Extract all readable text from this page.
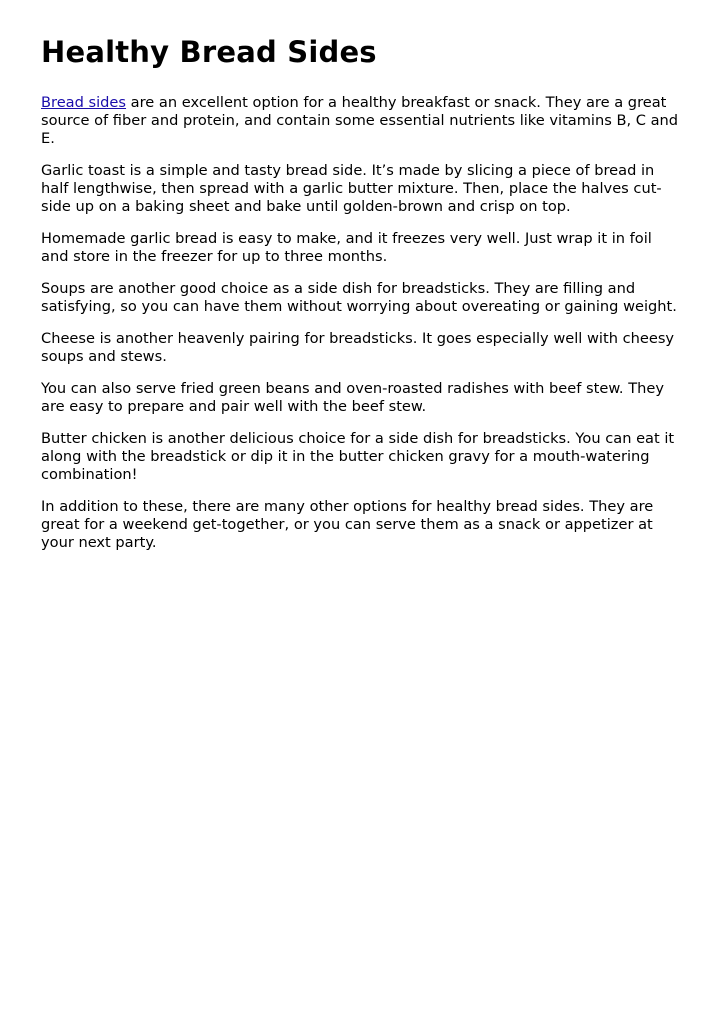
Healthy Bread Sides

Bread sides are an excellent option for a healthy breakfast or snack. They are a great source of fiber and protein, and contain some essential nutrients like vitamins B, C and E.

Garlic toast is a simple and tasty bread side. It’s made by slicing a piece of bread in half lengthwise, then spread with a garlic butter mixture. Then, place the halves cut-side up on a baking sheet and bake until golden-brown and crisp on top.

Homemade garlic bread is easy to make, and it freezes very well. Just wrap it in foil and store in the freezer for up to three months.

Soups are another good choice as a side dish for breadsticks. They are filling and satisfying, so you can have them without worrying about overeating or gaining weight.

Cheese is another heavenly pairing for breadsticks. It goes especially well with cheesy soups and stews.

You can also serve fried green beans and oven-roasted radishes with beef stew. They are easy to prepare and pair well with the beef stew.

Butter chicken is another delicious choice for a side dish for breadsticks. You can eat it along with the breadstick or dip it in the butter chicken gravy for a mouth-watering combination!

In addition to these, there are many other options for healthy bread sides. They are great for a weekend get-together, or you can serve them as a snack or appetizer at your next party.
